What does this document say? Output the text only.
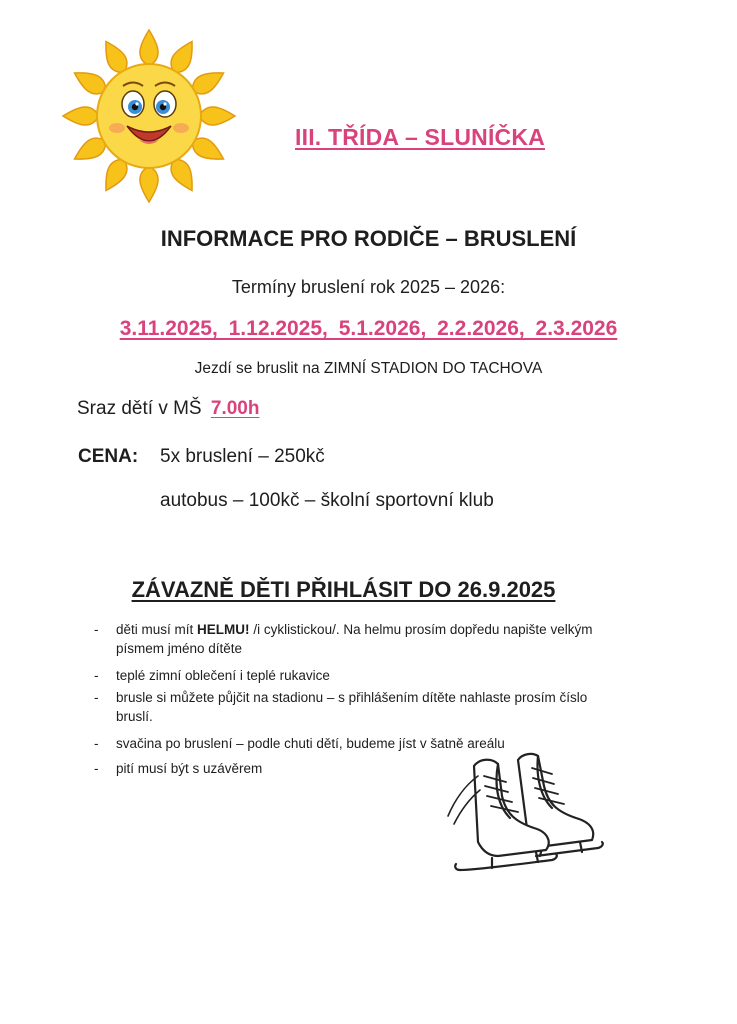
III. TŘÍDA – SLUNÍČKA
INFORMACE PRO RODIČE – BRUSLENÍ
Termíny bruslení rok 2025 – 2026:
3.11.2025, 1.12.2025, 5.1.2026, 2.2.2026, 2.3.2026
Jezdí se bruslit na ZIMNÍ STADION DO TACHOVA
Sraz dětí v MŠ 7.00h
CENA: 5x bruslení – 250kč
autobus – 100kč – školní sportovní klub
ZÁVAZNĚ DĚTI PŘIHLÁSIT DO 26.9.2025
- děti musí mít HELMU! /i cyklistickou/. Na helmu prosím dopředu napište velkým písmem jméno dítěte
- teplé zimní oblečení i teplé rukavice
- brusle si můžete půjčit na stadionu – s přihlášením dítěte nahlaste prosím číslo bruslí.
- svačina po bruslení – podle chuti dětí, budeme jíst v šatně areálu
- pití musí být s uzávěrem
